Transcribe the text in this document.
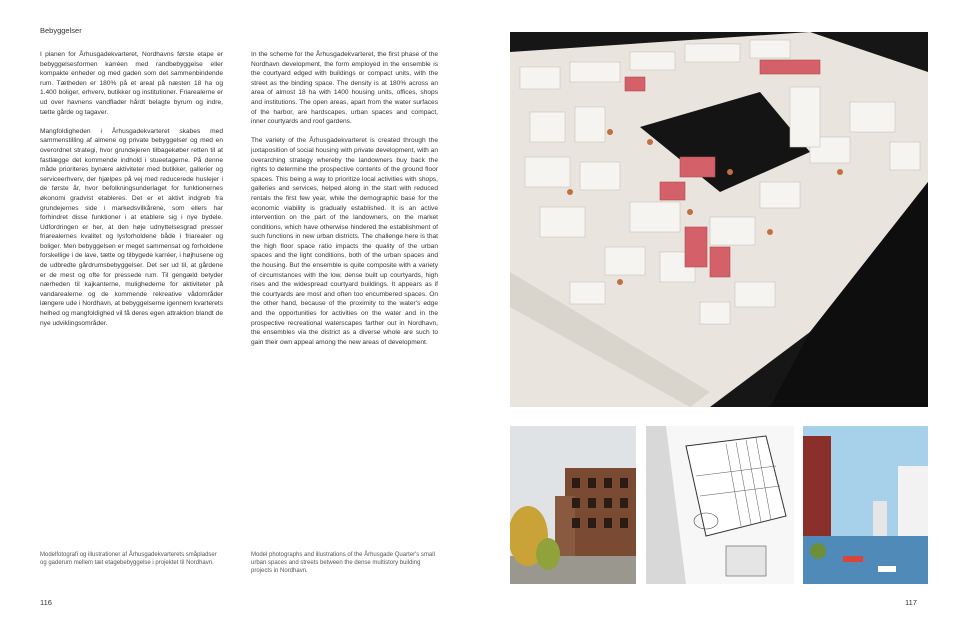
Bebyggelser

I planen for Århusgadekvarteret, Nordhavns første etape er bebyggelsesformen karréen med randbebyggelse eller kompakte enheder og med gaden som det sammenbindende rum. Tætheden er 180% på et areal på næsten 18 ha og 1.400 boliger, erhverv, butikker og institutioner. Friarealerne er ud over havnens vandflader hårdt belagte byrum og indre, tætte gårde og tagaver.

Mangfoldigheden i Århusgadekvarteret skabes med sammenstilling af almene og private bebyggelser og med en overordnet strategi, hvor grundejeren tilbagekøber retten til at fastlægge det kommende indhold i stueetagerne. På denne måde prioriteres bynære aktiviteter med butikker, gallerier og serviceerhverv, der hjælpes på vej med reducerede huslejer i de første år, hvor befolkningsunderlaget for funktionernes økonomi gradvist etableres. Det er et aktivt indgreb fra grundejernes side i markedsvilkårene, som ellers har forhindret disse funktioner i at etablere sig i nye bydele. Udfordringen er her, at den høje udnyttelsesgrad presser friarealernes kvalitet og lysforholdene både i friarealer og boliger. Men bebyggelsen er meget sammensat og forholdene forskellige i de lave, tætte og tilbygede karréer, i højhusene og de udbredte gårdrumsbebyggelser. Det ser ud til, at gårdene er de mest og ofte for pressede rum. Til gengæld betyder nærheden til kajkanterne, mulighederne for aktiviteter på vandarealerne og de kommende rekreative vådområder længere ude i Nordhavn, at bebyggelserne igennem kvarterets helhed og mangfoldighed vil få deres egen attraktion blandt de nye udviklingsområder.

In the scheme for the Århusgadekvarteret, the first phase of the Nordhavn development, the form employed in the ensemble is the courtyard edged with buildings or compact units, with the street as the binding space. The density is at 180% across an area of almost 18 ha with 1400 housing units, offices, shops and institutions. The open areas, apart from the water surfaces of the harbor, are hardscapes, urban spaces and compact, inner courtyards and roof gardens.

The variety of the Århusgadekvarteret is created through the juxtaposition of social housing with private development, with an overarching strategy whereby the landowners buy back the rights to determine the prospective contents of the ground floor spaces. This being a way to prioritize local activities with shops, galleries and services, helped along in the start with reduced rentals the first few year, while the demographic base for the economic viability is gradually established. It is an active intervention on the part of the landowners, on the market conditions, which have otherwise hindered the establishment of such functions in new urban districts. The challenge here is that the high floor space ratio impacts the quality of the urban spaces and the light conditions, both of the urban spaces and the housing. But the ensemble is quite composite with a variety of circumstances with the low, dense built up courtyards, high rises and the widespread courtyard buildings. It appears as if the courtyards are most and often too encumbered spaces. On the other hand, because of the proximity to the water's edge and the opportunities for activities on the water and in the prospective recreational waterscapes farther out in Nordhavn, the ensembles via the district as a diverse whole are such to gain their own appeal among the new areas of development.

Modelfotografi og illustrationer af Århusgadekvarterets småpladser og gaderum mellem tæt etagebebyggelse i projektet til Nordhavn.
Model photographs and illustrations of the Århusgade Quarter's small urban spaces and streets between the dense multistory building projects in Nordhavn.
116	117
